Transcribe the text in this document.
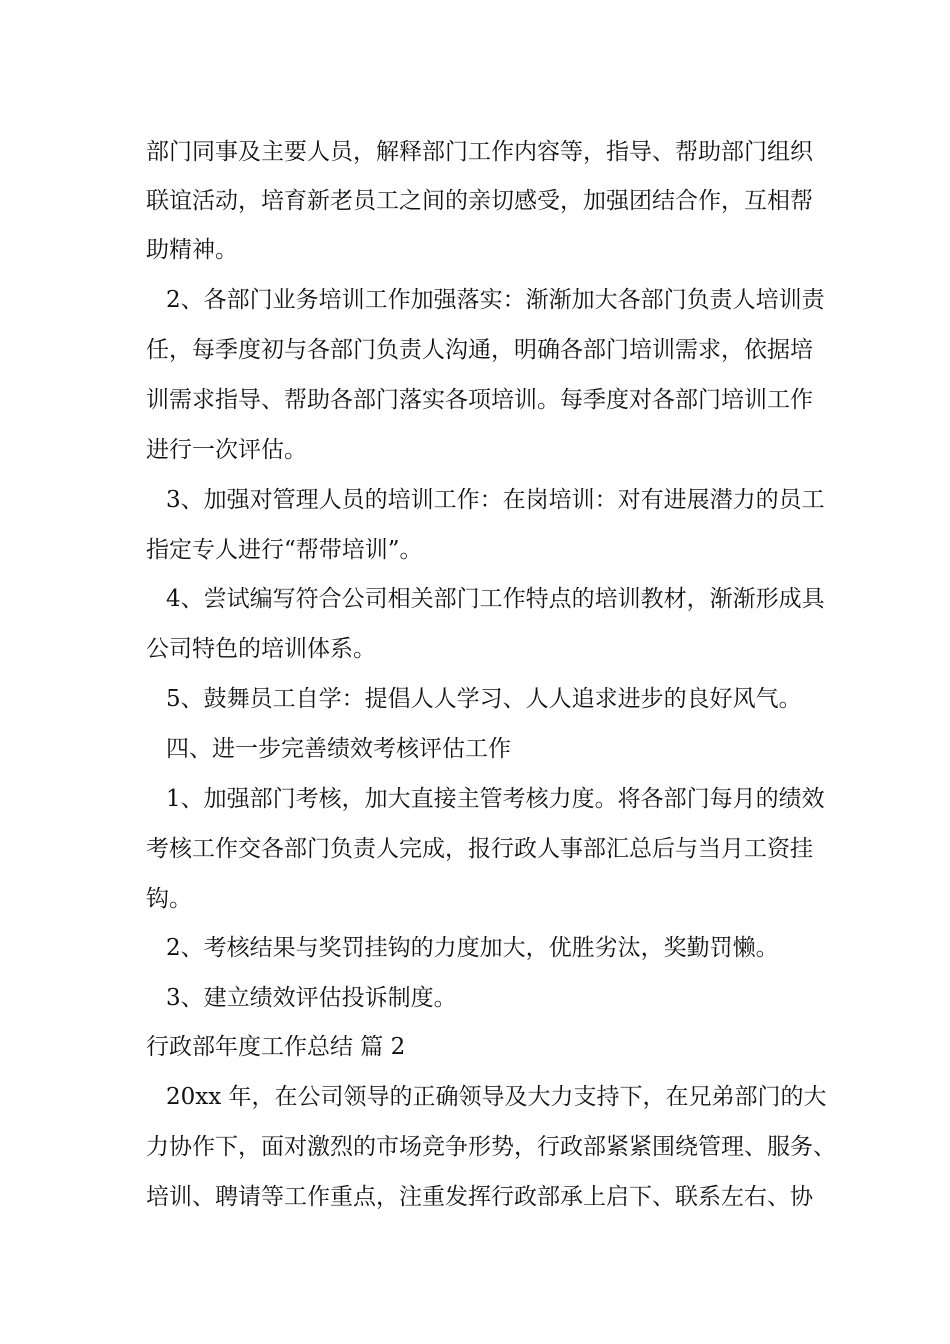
部门同事及主要人员，解释部门工作内容等，指导、帮助部门组织
联谊活动，培育新老员工之间的亲切感受，加强团结合作，互相帮
助精神。
2、各部门业务培训工作加强落实：渐渐加大各部门负责人培训责
任，每季度初与各部门负责人沟通，明确各部门培训需求，依据培
训需求指导、帮助各部门落实各项培训。每季度对各部门培训工作
进行一次评估。
3、加强对管理人员的培训工作：在岗培训：对有进展潜力的员工
指定专人进行“帮带培训”。
4、尝试编写符合公司相关部门工作特点的培训教材，渐渐形成具
公司特色的培训体系。
5、鼓舞员工自学：提倡人人学习、人人追求进步的良好风气。
四、进一步完善绩效考核评估工作
1、加强部门考核，加大直接主管考核力度。将各部门每月的绩效
考核工作交各部门负责人完成，报行政人事部汇总后与当月工资挂
钩。
2、考核结果与奖罚挂钩的力度加大，优胜劣汰，奖勤罚懒。
3、建立绩效评估投诉制度。
行政部年度工作总结 篇 2
20xx 年，在公司领导的正确领导及大力支持下，在兄弟部门的大
力协作下，面对激烈的市场竞争形势，行政部紧紧围绕管理、服务、
培训、聘请等工作重点，注重发挥行政部承上启下、联系左右、协
